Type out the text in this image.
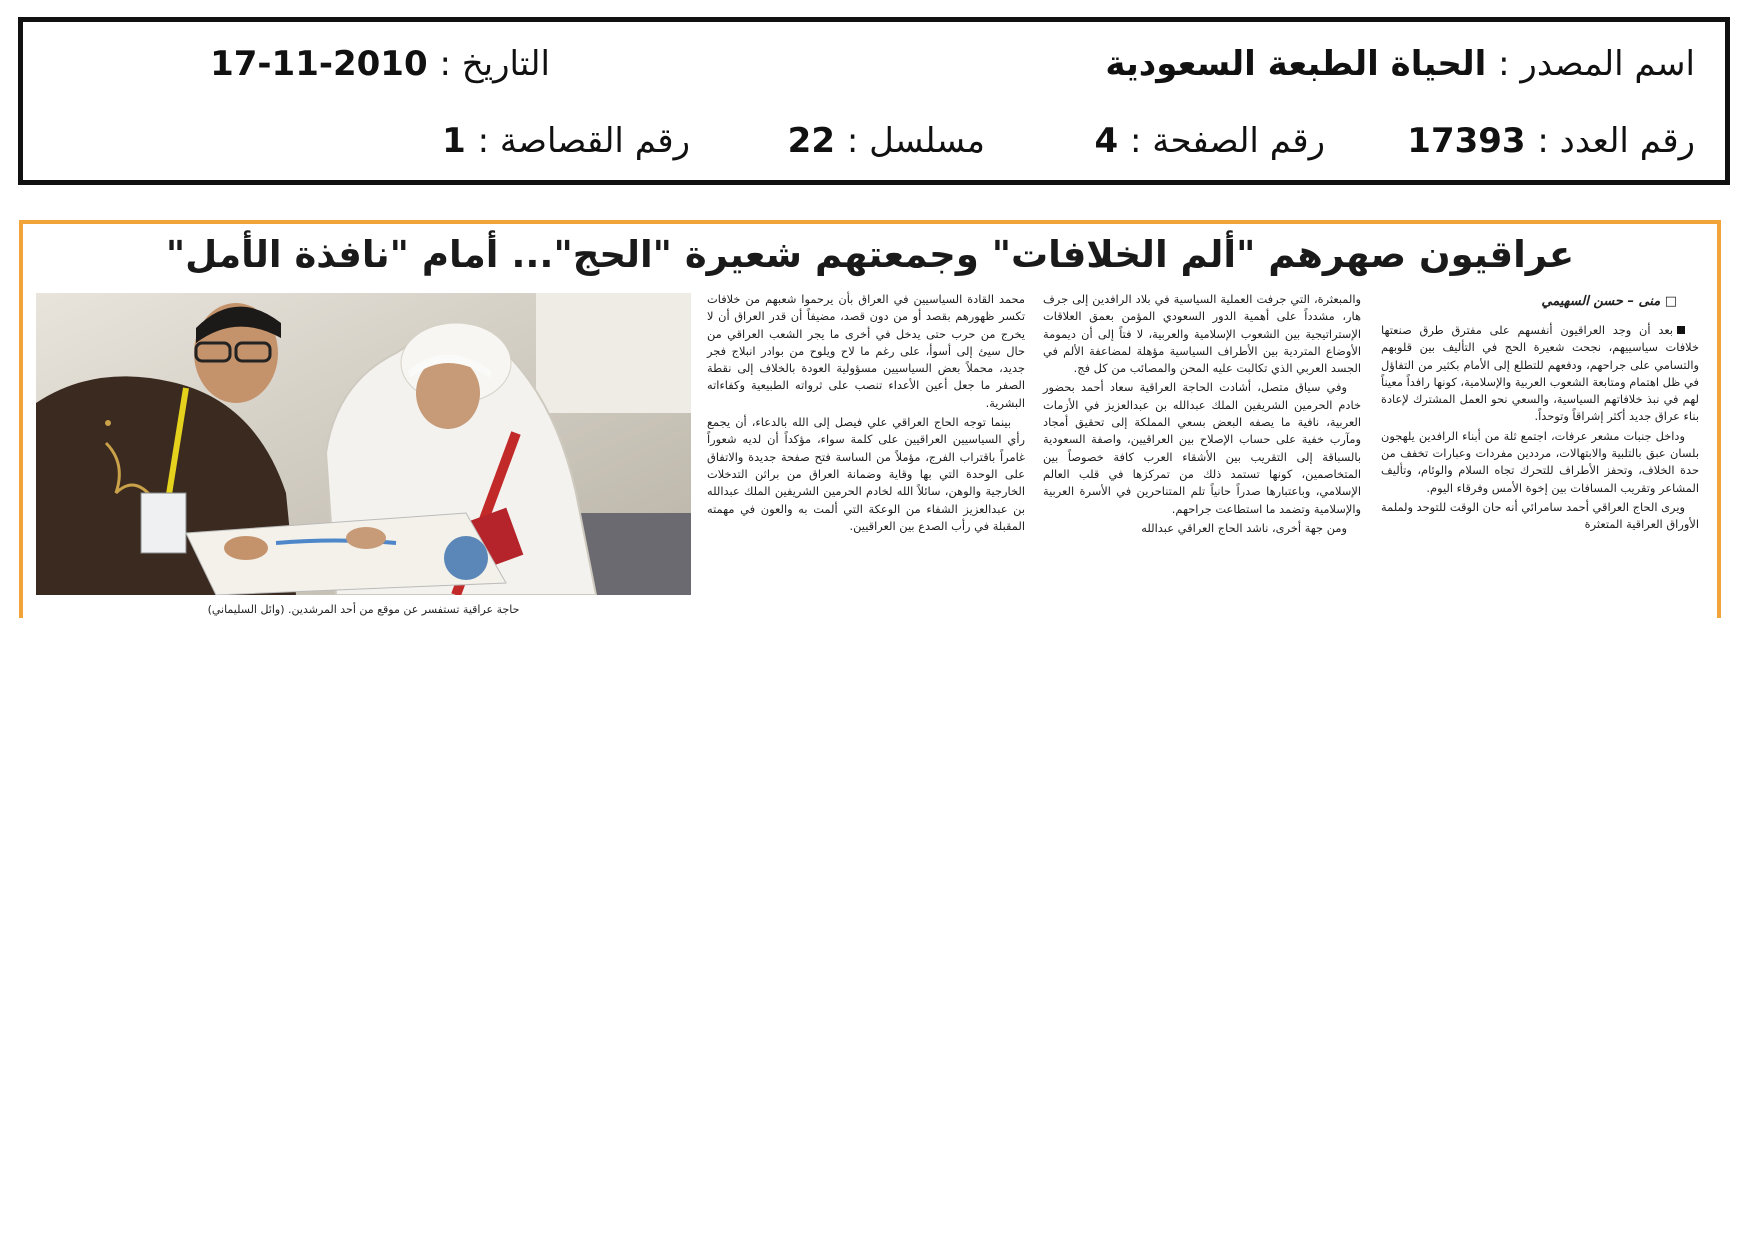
اسم المصدر : الحياة الطبعة السعودية
التاريخ : 2010-11-17
رقم العدد : 17393
رقم الصفحة : 4
مسلسل : 22
رقم القصاصة : 1
عراقيون صهرهم "ألم الخلافات" وجمعتهم شعيرة "الحج"... أمام "نافذة الأمل"
□ منى – حسن السهيمي

بعد أن وجد العراقيون أنفسهم على مفترق طرق صنعتها خلافات سياسييهم، نجحت شعيرة الحج في التأليف بين قلوبهم والتسامي على جراحهم، ودفعهم للتطلع إلى الأمام بكثير من التفاؤل في ظل اهتمام ومتابعة الشعوب العربية والإسلامية، كونها رافداً معيناً لهم في نبذ خلافاتهم السياسية، والسعي نحو العمل المشترك لإعادة بناء عراق جديد أكثر إشراقاً وتوحداً.

وداخل جنبات مشعر عرفات، اجتمع ثلة من أبناء الرافدين يلهجون بلسان عبق بالتلبية والابتهالات، مرددين مفردات وعبارات تخفف من حدة الخلاف، وتحفز الأطراف للتحرك تجاه السلام والوئام، وتأليف المشاعر وتقريب المسافات بين إخوة الأمس وفرقاء اليوم.

ويرى الحاج العراقي أحمد سامرائي أنه حان الوقت للتوحد ولملمة الأوراق العراقية المتعثرة

والمبعثرة، التي جرفت العملية السياسية في بلاد الرافدين إلى جرف هار، مشدداً على أهمية الدور السعودي المؤمن بعمق العلاقات الإستراتيجية بين الشعوب الإسلامية والعربية، لا فتاً إلى أن ديمومة الأوضاع المتردية بين الأطراف السياسية مؤهلة لمضاعفة الألم في الجسد العربي الذي تكالبت عليه المحن والمصائب من كل فج.

وفي سياق متصل، أشادت الحاجة العراقية سعاد أحمد بحضور خادم الحرمين الشريفين الملك عبدالله بن عبدالعزيز في الأزمات العربية، نافية ما يصفه البعض بسعي المملكة إلى تحقيق أمجاد ومآرب خفية على حساب الإصلاح بين العراقيين، واصفة السعودية بالسباقة إلى التقريب بين الأشقاء العرب كافة خصوصاً بين المتخاصمين، كونها تستمد ذلك من تمركزها في قلب العالم الإسلامي، وباعتبارها صدراً حانياً تلم المتناحرين في الأسرة العربية والإسلامية وتضمد ما استطاعت جراحهم.

ومن جهة أخرى، ناشد الحاج العراقي عبدالله

محمد القادة السياسيين في العراق بأن يرحموا شعبهم من خلافات تكسر ظهورهم بقصد أو من دون قصد، مضيفاً أن قدر العراق أن لا يخرج من حرب حتى يدخل في أخرى ما يجر الشعب العراقي من حال سيئ إلى أسوأ، على رغم ما لاح ويلوح من بوادر انبلاج فجر جديد، محملاً بعض السياسيين مسؤولية العودة بالخلاف إلى نقطة الصفر ما جعل أعين الأعداء تنصب على ثرواته الطبيعية وكفاءاته البشرية.

بينما توجه الحاج العراقي علي فيصل إلى الله بالدعاء، أن يجمع رأي السياسيين العراقيين على كلمة سواء، مؤكداً أن لديه شعوراً غامراً باقتراب الفرج، مؤملاً من الساسة فتح صفحة جديدة والاتفاق على الوحدة التي بها وقاية وضمانة العراق من براثن التدخلات الخارجية والوهن، سائلاً الله لخادم الحرمين الشريفين الملك عبدالله بن عبدالعزيز الشفاء من الوعكة التي ألمت به والعون في مهمته المقبلة في رأب الصدع بين العراقيين.

حاجة عراقية تستفسر عن موقع من أحد المرشدين. (وائل السليماني)
